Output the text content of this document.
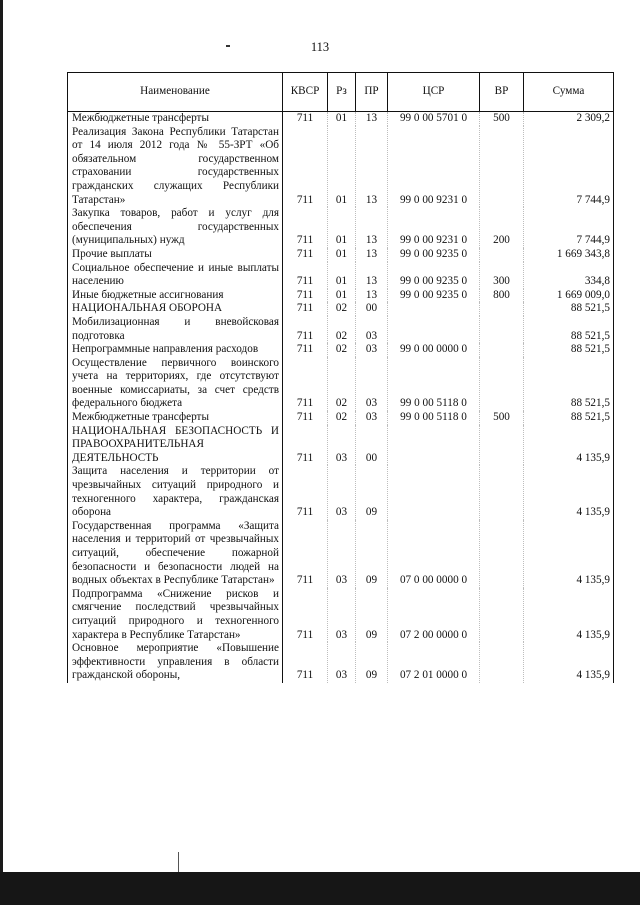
113
Наименование	КВСР	Рз	ПР	ЦСР	ВР	Сумма
Межбюджетные трансферты	711	01	13	99 0 00 5701 0	500	2 309,2
Реализация Закона Республики Татарстан от 14 июля 2012 года № 55-ЗРТ «Об обязательном государственном страховании государственных гражданских служащих Республики Татарстан»	711	01	13	99 0 00 9231 0		7 744,9
Закупка товаров, работ и услуг для обеспечения государственных (муниципальных) нужд	711	01	13	99 0 00 9231 0	200	7 744,9
Прочие выплаты	711	01	13	99 0 00 9235 0		1 669 343,8
Социальное обеспечение и иные выплаты населению	711	01	13	99 0 00 9235 0	300	334,8
Иные бюджетные ассигнования	711	01	13	99 0 00 9235 0	800	1 669 009,0
НАЦИОНАЛЬНАЯ ОБОРОНА	711	02	00			88 521,5
Мобилизационная и вневойсковая подготовка	711	02	03			88 521,5
Непрограммные направления расходов	711	02	03	99 0 00 0000 0		88 521,5
Осуществление первичного воинского учета на территориях, где отсутствуют военные комиссариаты, за счет средств федерального бюджета	711	02	03	99 0 00 5118 0		88 521,5
Межбюджетные трансферты	711	02	03	99 0 00 5118 0	500	88 521,5
НАЦИОНАЛЬНАЯ БЕЗОПАСНОСТЬ И ПРАВООХРАНИТЕЛЬНАЯ ДЕЯТЕЛЬНОСТЬ	711	03	00			4 135,9
Защита населения и территории от чрезвычайных ситуаций природного и техногенного характера, гражданская оборона	711	03	09			4 135,9
Государственная программа «Защита населения и территорий от чрезвычайных ситуаций, обеспечение пожарной безопасности и безопасности людей на водных объектах в Республике Татарстан»	711	03	09	07 0 00 0000 0		4 135,9
Подпрограмма «Снижение рисков и смягчение последствий чрезвычайных ситуаций природного и техногенного характера в Республике Татарстан»	711	03	09	07 2 00 0000 0		4 135,9
Основное мероприятие «Повышение эффективности управления в области гражданской обороны,	711	03	09	07 2 01 0000 0		4 135,9
